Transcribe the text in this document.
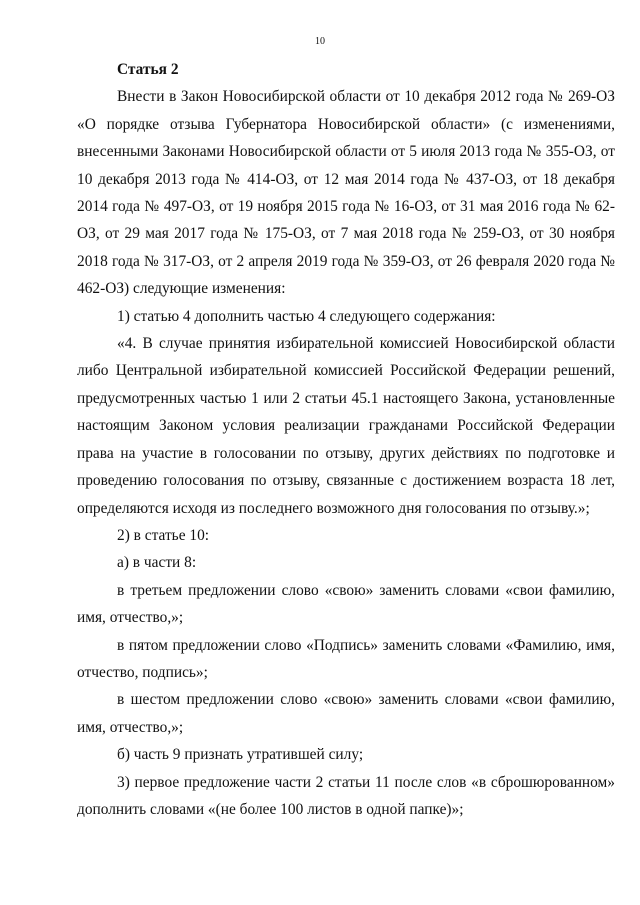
10
Статья 2

Внести в Закон Новосибирской области от 10 декабря 2012 года № 269-ОЗ «О порядке отзыва Губернатора Новосибирской области» (с изменениями, внесенными Законами Новосибирской области от 5 июля 2013 года № 355-ОЗ, от 10 декабря 2013 года № 414-ОЗ, от 12 мая 2014 года № 437-ОЗ, от 18 декабря 2014 года № 497-ОЗ, от 19 ноября 2015 года № 16-ОЗ, от 31 мая 2016 года № 62-ОЗ, от 29 мая 2017 года № 175-ОЗ, от 7 мая 2018 года № 259-ОЗ, от 30 ноября 2018 года № 317-ОЗ, от 2 апреля 2019 года № 359-ОЗ, от 26 февраля 2020 года № 462-ОЗ) следующие изменения:

1) статью 4 дополнить частью 4 следующего содержания:

«4. В случае принятия избирательной комиссией Новосибирской области либо Центральной избирательной комиссией Российской Федерации решений, предусмотренных частью 1 или 2 статьи 45.1 настоящего Закона, установленные настоящим Законом условия реализации гражданами Российской Федерации права на участие в голосовании по отзыву, других действиях по подготовке и проведению голосования по отзыву, связанные с достижением возраста 18 лет, определяются исходя из последнего возможного дня голосования по отзыву.»;

2) в статье 10:

а) в части 8:

в третьем предложении слово «свою» заменить словами «свои фамилию, имя, отчество,»;

в пятом предложении слово «Подпись» заменить словами «Фамилию, имя, отчество, подпись»;

в шестом предложении слово «свою» заменить словами «свои фамилию, имя, отчество,»;

б) часть 9 признать утратившей силу;

3) первое предложение части 2 статьи 11 после слов «в сброшюрованном» дополнить словами «(не более 100 листов в одной папке)»;
